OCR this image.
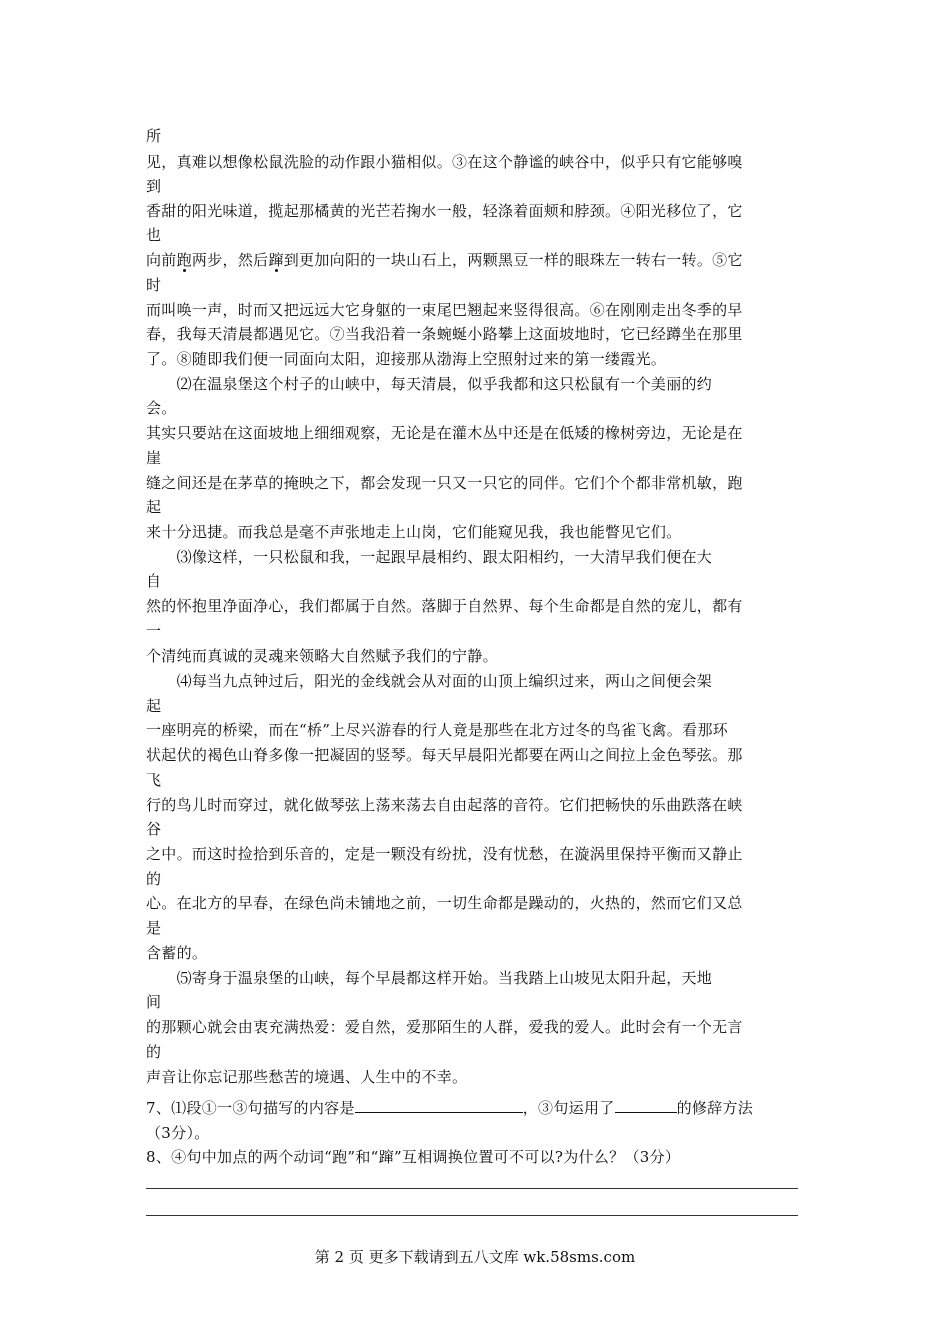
所
见，真难以想像松鼠洗脸的动作跟小猫相似。③在这个静谧的峡谷中，似乎只有它能够嗅
到
香甜的阳光味道，揽起那橘黄的光芒若掬水一般，轻涤着面颊和脖颈。④阳光移位了，它
也
向前跑两步，然后蹿到更加向阳的一块山石上，两颗黑豆一样的眼珠左一转右一转。⑤它
时
而叫唤一声，时而又把远远大它身躯的一束尾巴翘起来竖得很高。⑥在刚刚走出冬季的早
春，我每天清晨都遇见它。⑦当我沿着一条蜿蜒小路攀上这面坡地时，它已经蹲坐在那里
了。⑧随即我们便一同面向太阳，迎接那从渤海上空照射过来的第一缕霞光。
　　⑵在温泉堡这个村子的山峡中，每天清晨，似乎我都和这只松鼠有一个美丽的约
会。
其实只要站在这面坡地上细细观察，无论是在灌木丛中还是在低矮的橡树旁边，无论是在
崖
缝之间还是在茅草的掩映之下，都会发现一只又一只它的同伴。它们个个都非常机敏，跑
起
来十分迅捷。而我总是毫不声张地走上山岗，它们能窥见我，我也能瞥见它们。
　　⑶像这样，一只松鼠和我，一起跟早晨相约、跟太阳相约，一大清早我们便在大
自
然的怀抱里净面净心，我们都属于自然。落脚于自然界、每个生命都是自然的宠儿，都有
一
个清纯而真诚的灵魂来领略大自然赋予我们的宁静。
　　⑷每当九点钟过后，阳光的金线就会从对面的山顶上编织过来，两山之间便会架
起
一座明亮的桥梁，而在“桥”上尽兴游春的行人竟是那些在北方过冬的鸟雀飞禽。看那环
状起伏的褐色山脊多像一把凝固的竖琴。每天早晨阳光都要在两山之间拉上金色琴弦。那
飞
行的鸟儿时而穿过，就化做琴弦上荡来荡去自由起落的音符。它们把畅快的乐曲跌落在峡
谷
之中。而这时捡拾到乐音的，定是一颗没有纷扰，没有忧愁，在漩涡里保持平衡而又静止
的
心。在北方的早春，在绿色尚未铺地之前，一切生命都是躁动的，火热的，然而它们又总
是
含蓄的。
　　⑸寄身于温泉堡的山峡，每个早晨都这样开始。当我踏上山坡见太阳升起，天地
间
的那颗心就会由衷充满热爱：爱自然，爱那陌生的人群，爱我的爱人。此时会有一个无言
的
声音让你忘记那些愁苦的境遇、人生中的不幸。
7、⑴段①一③句描写的内容是	，③句运用了	的修辞方法
（3分）。
8、④句中加点的两个动词“跑”和“蹿”互相调换位置可不可以?为什么？（3分）
第 2 页 更多下载请到五八文库 wk.58sms.com
